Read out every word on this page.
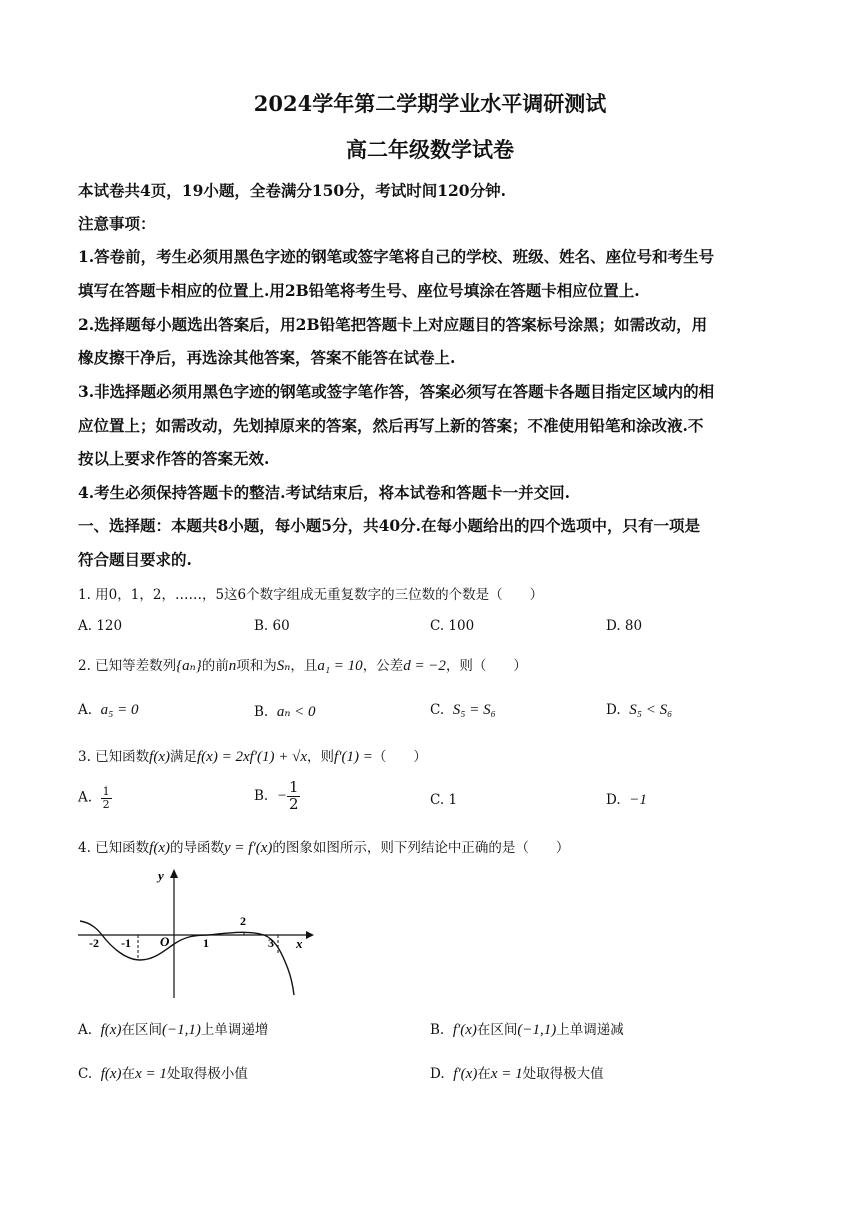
2024学年第二学期学业水平调研测试
高二年级数学试卷
本试卷共4页，19小题，全卷满分150分，考试时间120分钟.
注意事项：
1.答卷前，考生必须用黑色字迹的钢笔或签字笔将自己的学校、班级、姓名、座位号和考生号
填写在答题卡相应的位置上.用2B铅笔将考生号、座位号填涂在答题卡相应位置上.
2.选择题每小题选出答案后，用2B铅笔把答题卡上对应题目的答案标号涂黑；如需改动，用
橡皮擦干净后，再选涂其他答案，答案不能答在试卷上.
3.非选择题必须用黑色字迹的钢笔或签字笔作答，答案必须写在答题卡各题目指定区域内的相
应位置上；如需改动，先划掉原来的答案，然后再写上新的答案；不准使用铅笔和涂改液.不
按以上要求作答的答案无效.
4.考生必须保持答题卡的整洁.考试结束后，将本试卷和答题卡一并交回.
一、选择题：本题共8小题，每小题5分，共40分.在每小题给出的四个选项中，只有一项是
符合题目要求的.
1. 用0，1，2，……，5这6个数字组成无重复数字的三位数的个数是（　　）
A. 120	B. 60	C. 100	D. 80
2. 已知等差数列{aₙ}的前n项和为Sₙ，且a₁ = 10，公差d = −2，则（　　）
A. a₅ = 0	B. aₙ < 0	C. S₅ = S₆	D. S₅ < S₆
3. 已知函数f(x)满足f(x) = 2xf′(1) + √x，则f′(1) =（　　）
A. $\frac{1}{2}$	B. − $\frac{1}{2}$	C. 1	D. −1
4. 已知函数f(x)的导函数y = f′(x)的图象如图所示，则下列结论中正确的是（　　）
y
x
O
-2 -1	1
2
3
A. f(x)在区间(−1,1)上单调递增	B. f′(x)在区间(−1,1)上单调递减
C. f(x)在x = 1处取得极小值	D. f′(x)在x = 1处取得极大值
